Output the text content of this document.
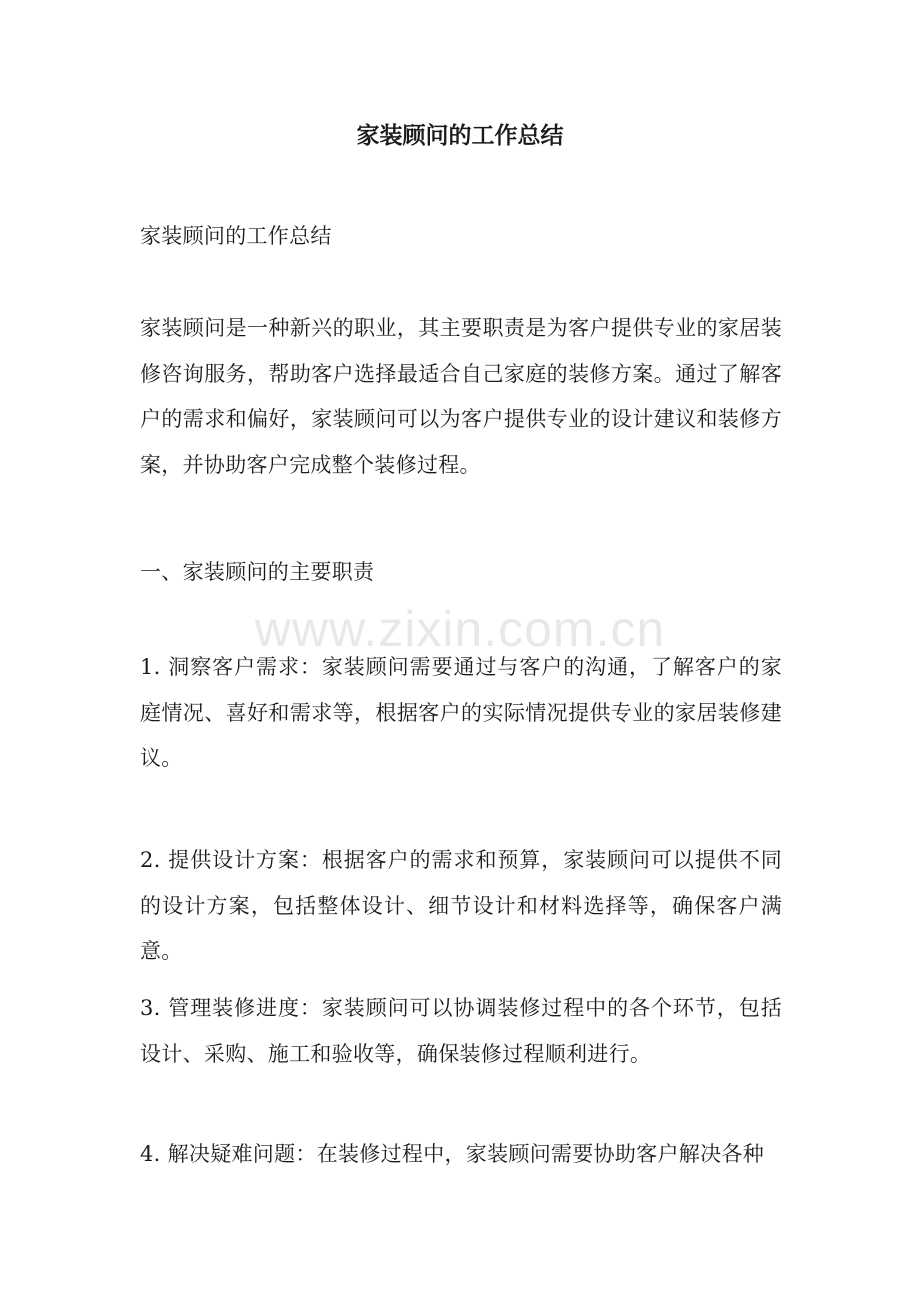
家装顾问的工作总结

家装顾问的工作总结

家装顾问是一种新兴的职业，其主要职责是为客户提供专业的家居装修咨询服务，帮助客户选择最适合自己家庭的装修方案。通过了解客户的需求和偏好，家装顾问可以为客户提供专业的设计建议和装修方案，并协助客户完成整个装修过程。

一、家装顾问的主要职责

1. 洞察客户需求：家装顾问需要通过与客户的沟通，了解客户的家庭情况、喜好和需求等，根据客户的实际情况提供专业的家居装修建议。

2. 提供设计方案：根据客户的需求和预算，家装顾问可以提供不同的设计方案，包括整体设计、细节设计和材料选择等，确保客户满意。

3. 管理装修进度：家装顾问可以协调装修过程中的各个环节，包括设计、采购、施工和验收等，确保装修过程顺利进行。

4. 解决疑难问题：在装修过程中，家装顾问需要协助客户解决各种

www.zixin.com.cn
